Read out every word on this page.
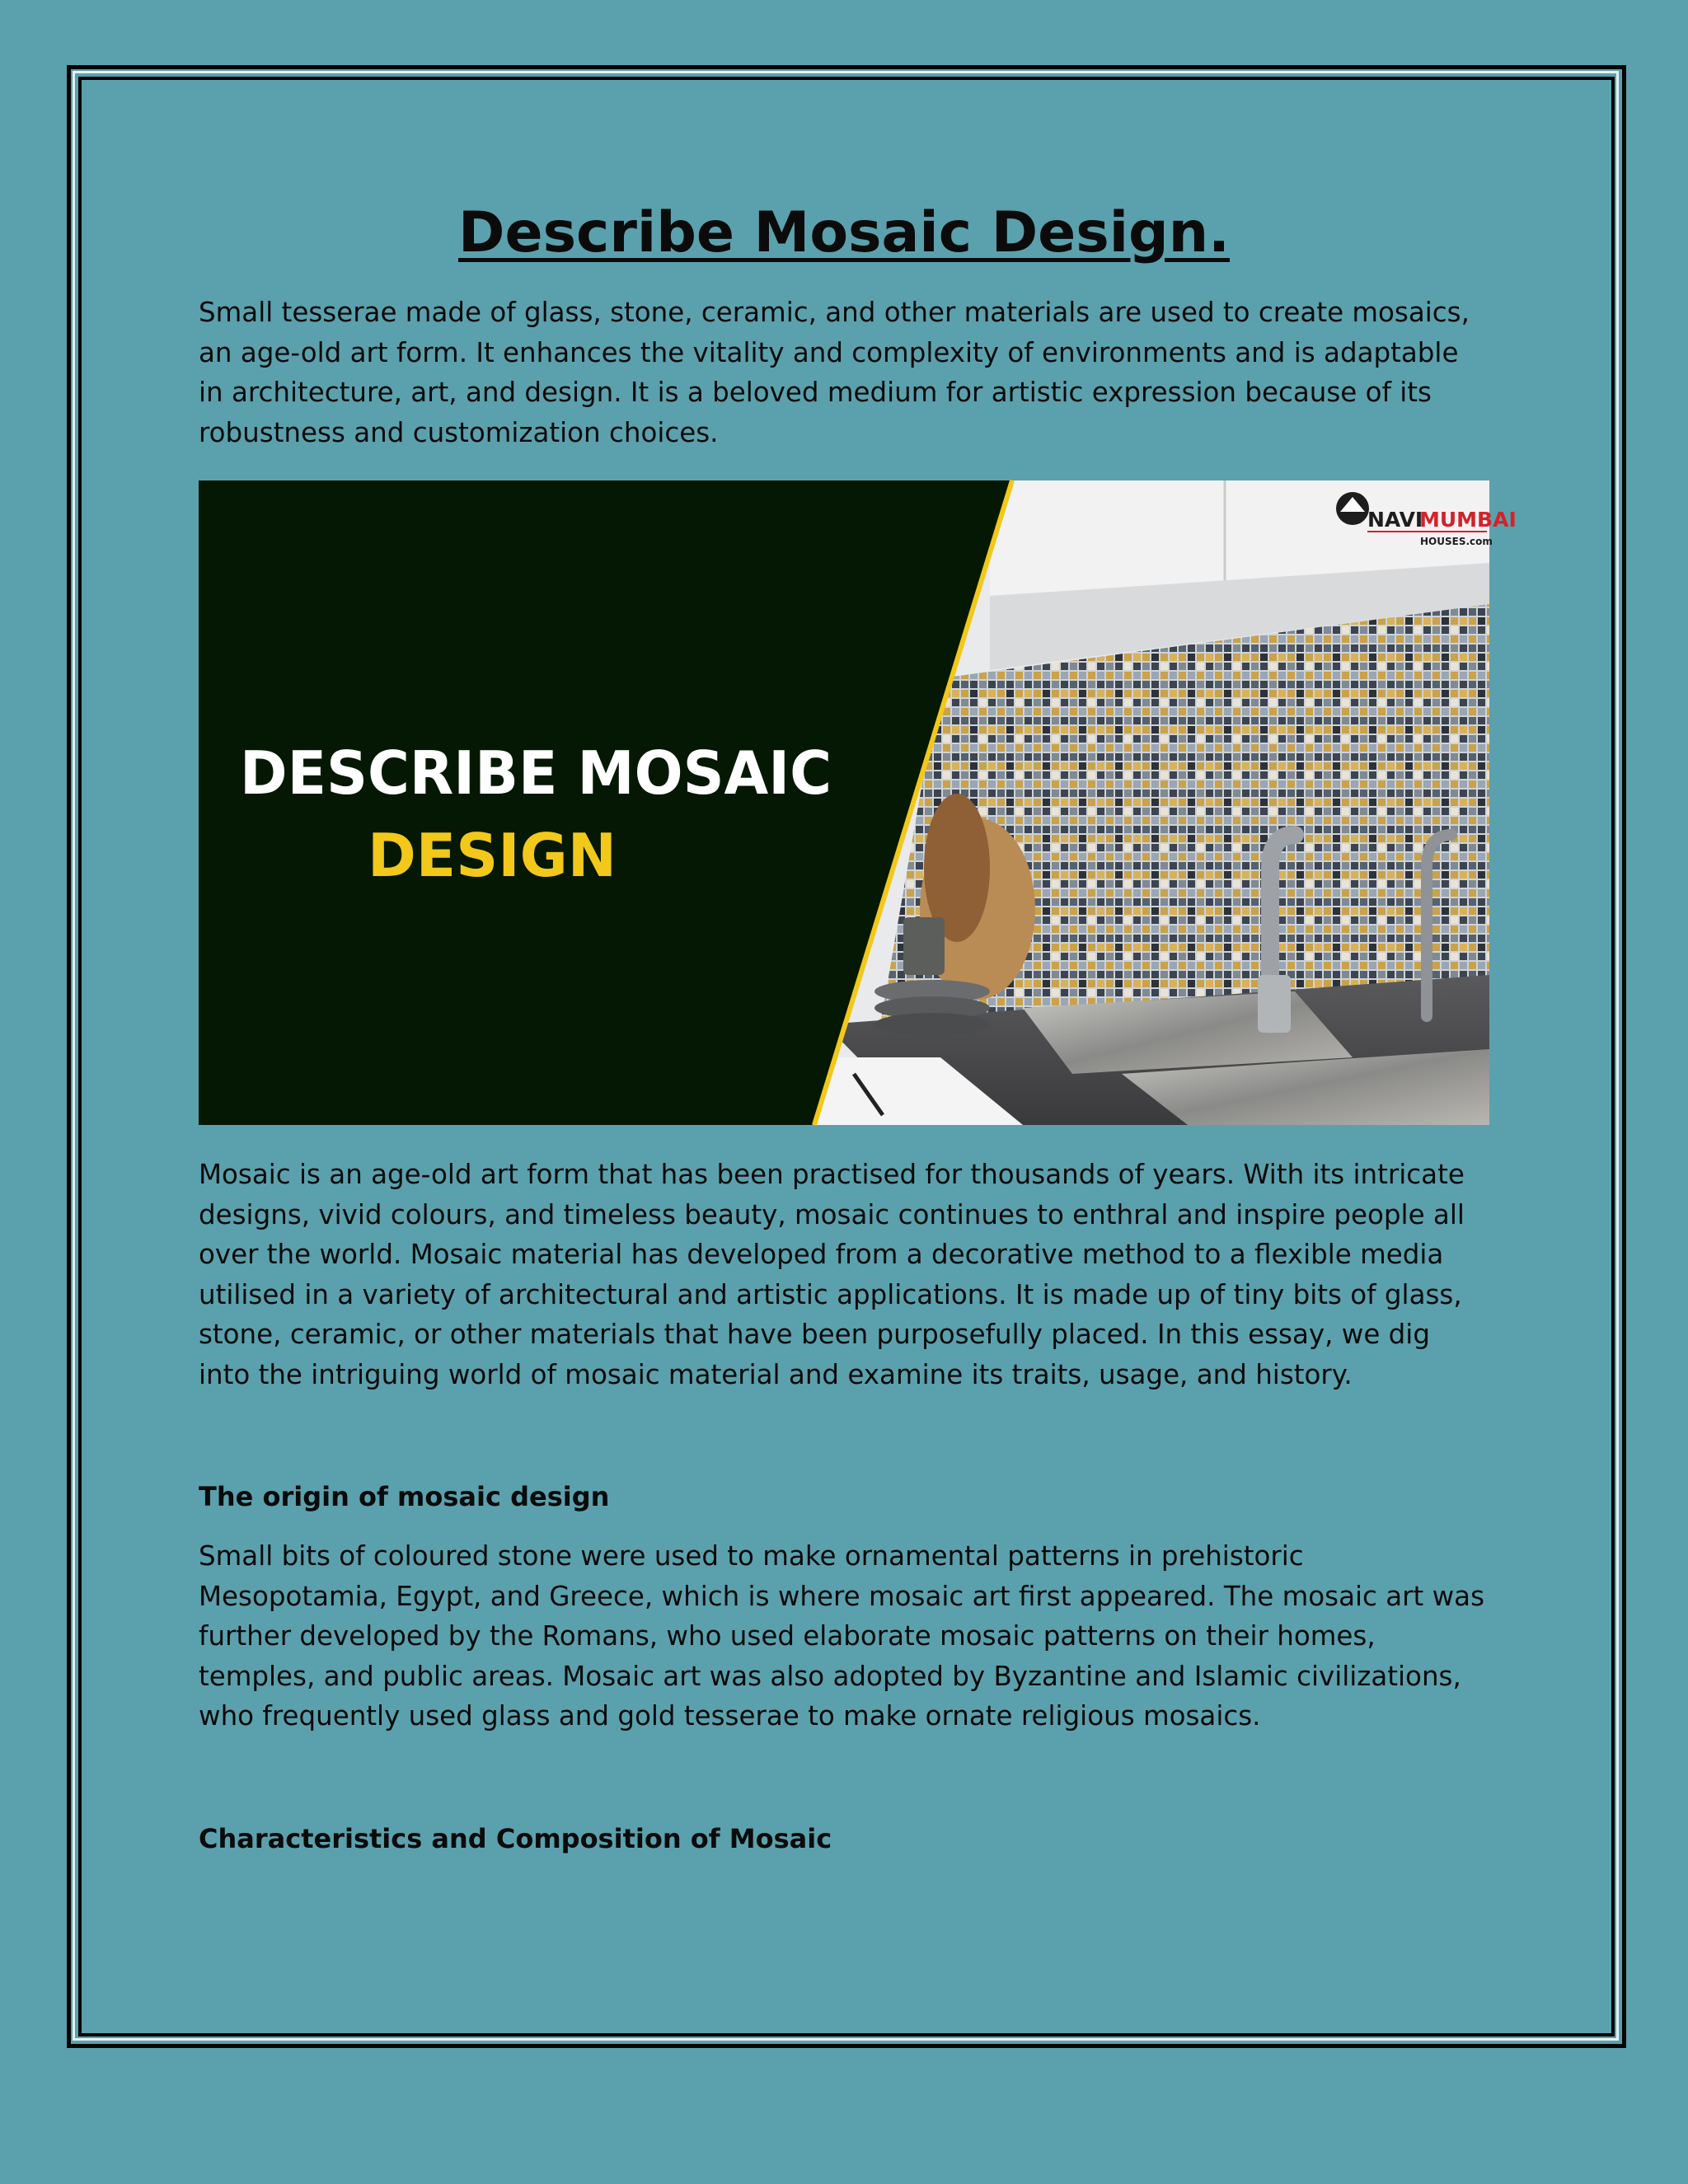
Describe Mosaic Design.

Small tesserae made of glass, stone, ceramic, and other materials are used to create mosaics, an age-old art form. It enhances the vitality and complexity of environments and is adaptable in architecture, art, and design. It is a beloved medium for artistic expression because of its robustness and customization choices.

DESCRIBE MOSAIC
DESIGN
NAVI
MUMBAI
HOUSES.com

Mosaic is an age-old art form that has been practised for thousands of years. With its intricate designs, vivid colours, and timeless beauty, mosaic continues to enthral and inspire people all over the world. Mosaic material has developed from a decorative method to a flexible media utilised in a variety of architectural and artistic applications. It is made up of tiny bits of glass, stone, ceramic, or other materials that have been purposefully placed. In this essay, we dig into the intriguing world of mosaic material and examine its traits, usage, and history.

The origin of mosaic design

Small bits of coloured stone were used to make ornamental patterns in prehistoric Mesopotamia, Egypt, and Greece, which is where mosaic art first appeared. The mosaic art was further developed by the Romans, who used elaborate mosaic patterns on their homes, temples, and public areas. Mosaic art was also adopted by Byzantine and Islamic civilizations, who frequently used glass and gold tesserae to make ornate religious mosaics.

Characteristics and Composition of Mosaic
